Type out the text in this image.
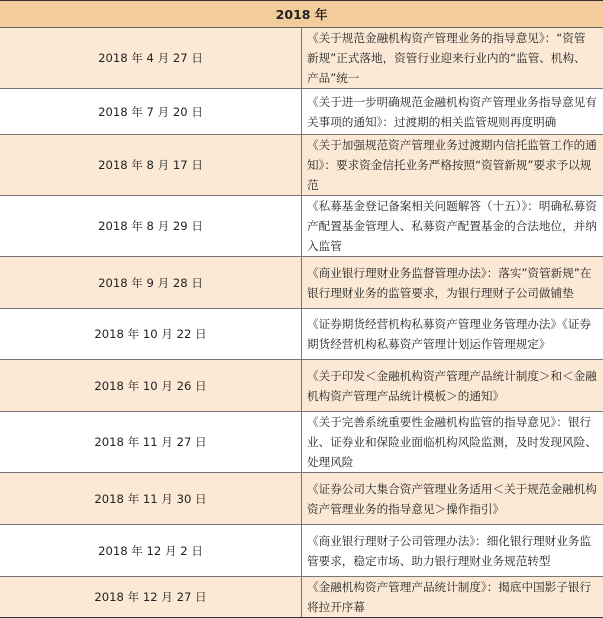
2018 年	
2018 年 4 月 27 日	《关于规范金融机构资产管理业务的指导意见》：“资管新规”正式落地，资管行业迎来行业内的“监管、机构、产品”统一
2018 年 7 月 20 日	《关于进一步明确规范金融机构资产管理业务指导意见有关事项的通知》：过渡期的相关监管规则再度明确
2018 年 8 月 17 日	《关于加强规范资产管理业务过渡期内信托监管工作的通知》：要求资金信托业务严格按照“资管新规”要求予以规范
2018 年 8 月 29 日	《私募基金登记备案相关问题解答（十五）》：明确私募资产配置基金管理人、私募资产配置基金的合法地位，并纳入监管
2018 年 9 月 28 日	《商业银行理财业务监督管理办法》：落实”资管新规”在银行理财业务的监管要求，为银行理财子公司做铺垫
2018 年 10 月 22 日	《证券期货经营机构私募资产管理业务管理办法》《证券期货经营机构私募资产管理计划运作管理规定》
2018 年 10 月 26 日	《关于印发＜金融机构资产管理产品统计制度＞和＜金融机构资产管理产品统计模板＞的通知》
2018 年 11 月 27 日	《关于完善系统重要性金融机构监管的指导意见》：银行业、证券业和保险业面临机构风险监测，及时发现风险、处理风险
2018 年 11 月 30 日	《证券公司大集合资产管理业务适用＜关于规范金融机构资产管理业务的指导意见＞操作指引》
2018 年 12 月 2 日	《商业银行理财子公司管理办法》：细化银行理财业务监管要求，稳定市场、助力银行理财业务规范转型
2018 年 12 月 27 日	《金融机构资产管理产品统计制度》：揭底中国影子银行将拉开序幕
